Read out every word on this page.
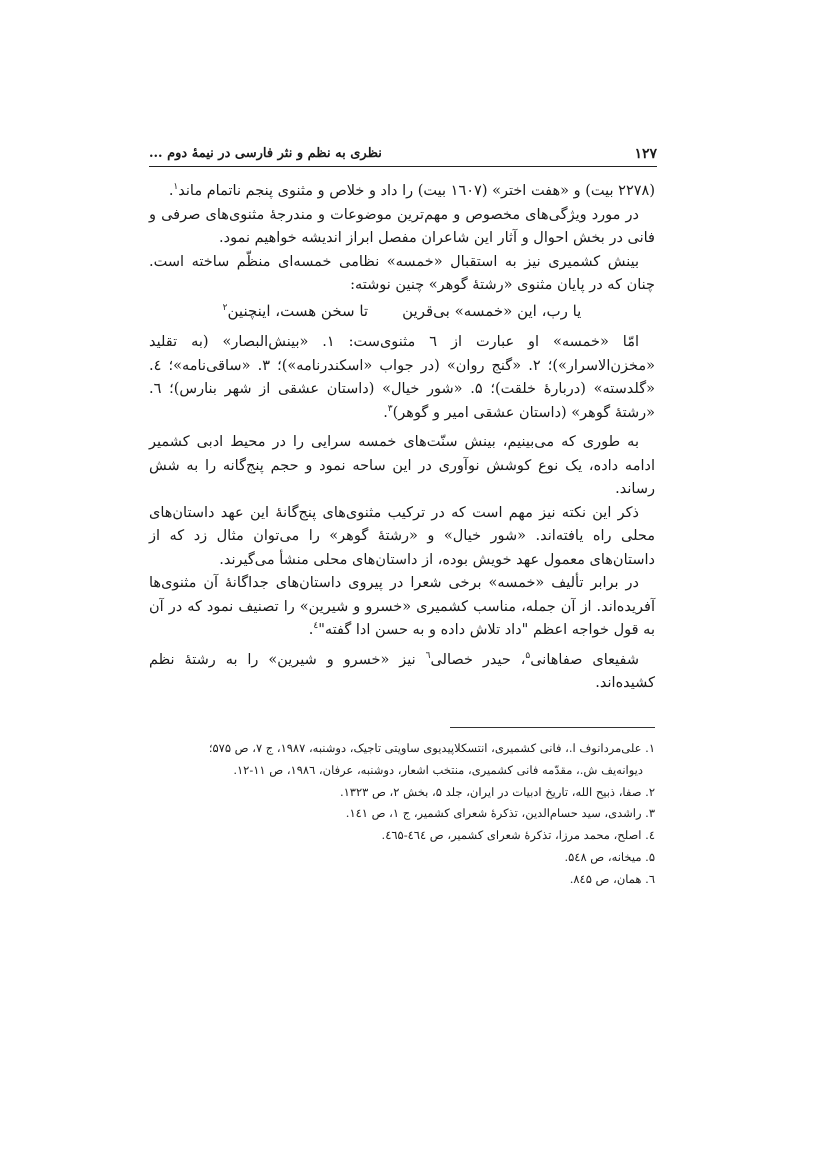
۱۲۷
نظری به نظم و نثر فارسی در نیمهٔ دوم ...

(۲۲۷۸ بیت) و «هفت اختر» (۱٦۰۷ بیت) را داد و خلاص و مثنوی پنجم ناتمام ماند$^۱$.

در مورد ویژگی‌های مخصوص و مهم‌ترین موضوعات و مندرجهٔ مثنوی‌های صرفی و فانی در بخش احوال و آثار این شاعران مفصل ابراز اندیشه خواهیم نمود.

بینش کشمیری نیز به استقبال «خمسه» نظامی خمسه‌ای منظّم ساخته است. چنان که در پایان مثنوی «رشتهٔ گوهر» چنین نوشته:

یا رب، این «خمسه» بی‌قرین
تا سخن هست، اینچنین$^۲$

امّا «خمسه» او عبارت از ٦ مثنوی‌ست: ۱. «بینش‌البصار» (به تقلید «مخزن‌الاسرار»)؛ ۲. «گنج روان» (در جواب «اسکندرنامه»)؛ ۳. «ساقی‌نامه»؛ ٤. «گلدسته» (دربارهٔ خلقت)؛ ۵. «شور خیال» (داستان عشقی از شهر بنارس)؛ ٦. «رشتهٔ گوهر» (داستان عشقی امیر و گوهر)$^۳$.

به طوری که می‌بینیم، بینش سنّت‌های خمسه سرایی را در محیط ادبی کشمیر ادامه داده، یک نوع کوشش نوآوری در این ساحه نمود و حجم پنج‌گانه را به شش رساند.

ذکر این نکته نیز مهم است که در ترکیب مثنوی‌های پنج‌گانهٔ این عهد داستان‌های محلی راه یافته‌اند. «شور خیال» و «رشتهٔ گوهر» را می‌توان مثال زد که از داستان‌های معمول عهد خویش بوده، از داستان‌های محلی منشأ می‌گیرند.

در برابر تألیف «خمسه» برخی شعرا در پیروی داستان‌های جداگانهٔ آن مثنوی‌ها آفریده‌اند. از آن جمله، مناسب کشمیری «خسرو و شیرین» را تصنیف نمود که در آن به قول خواجه اعظم "داد تلاش داده و به حسن ادا گفته"$^٤$.

شفیعای صفاهانی$^۵$، حیدر خصالی$^٦$ نیز «خسرو و شیرین» را به رشتهٔ نظم کشیده‌اند.

۱. علی‌مردانوف ا.، فانی کشمیری، انتسکلاپیدیوی ساویتی تاجیک، دوشنبه، ۱۹۸۷، ج ۷، ص ۵۷۵؛

دیوانه‌یف ش.، مقدّمه فانی کشمیری، منتخب اشعار، دوشنبه، عرفان، ۱۹۸٦، ص ۱۱-۱۲.

۲. صفا، ذبیح الله، تاریخ ادبیات در ایران، جلد ۵، بخش ۲، ص ۱۳۲۳.

۳. راشدی، سید حسام‌الدین، تذکرهٔ شعرای کشمیر، ج ۱، ص ۱٤۱.

٤. اصلح، محمد مرزا، تذکرهٔ شعرای کشمیر، ص ٤٦٤-٤٦۵.

۵. میخانه، ص ۵٤۸.

٦. همان، ص ۸٤۵.
